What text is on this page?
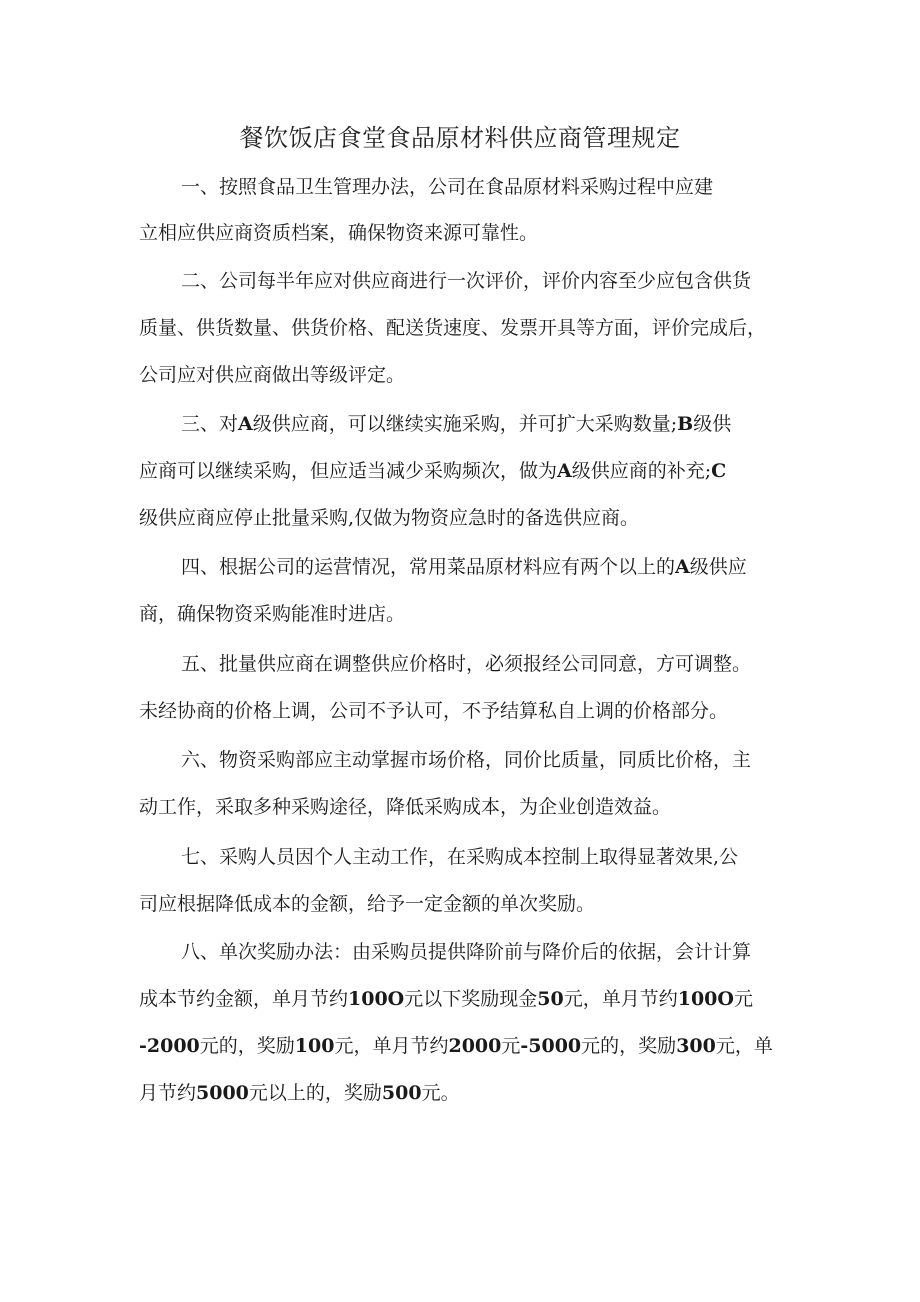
餐饮饭店食堂食品原材料供应商管理规定
一、按照食品卫生管理办法，公司在食品原材料采购过程中应建
立相应供应商资质档案，确保物资来源可靠性。
二、公司每半年应对供应商进行一次评价，评价内容至少应包含供货
质量、供货数量、供货价格、配送货速度、发票开具等方面，评价完成后，
公司应对供应商做出等级评定。
三、对A级供应商，可以继续实施采购，并可扩大采购数量;B级供
应商可以继续采购，但应适当减少采购频次，做为A级供应商的补充;C
级供应商应停止批量采购,仅做为物资应急时的备选供应商。
四、根据公司的运营情况，常用菜品原材料应有两个以上的A级供应
商，确保物资采购能准时进店。
五、批量供应商在调整供应价格时，必须报经公司同意，方可调整。
未经协商的价格上调，公司不予认可，不予结算私自上调的价格部分。
六、物资采购部应主动掌握市场价格，同价比质量，同质比价格，主
动工作，采取多种采购途径，降低采购成本，为企业创造效益。
七、采购人员因个人主动工作，在采购成本控制上取得显著效果,公
司应根据降低成本的金额，给予一定金额的单次奖励。
八、单次奖励办法：由采购员提供降阶前与降价后的依据，会计计算
成本节约金额，单月节约100O元以下奖励现金50元，单月节约100O元
-2000元的，奖励100元，单月节约2000元-5000元的，奖励300元，单
月节约5000元以上的，奖励500元。
